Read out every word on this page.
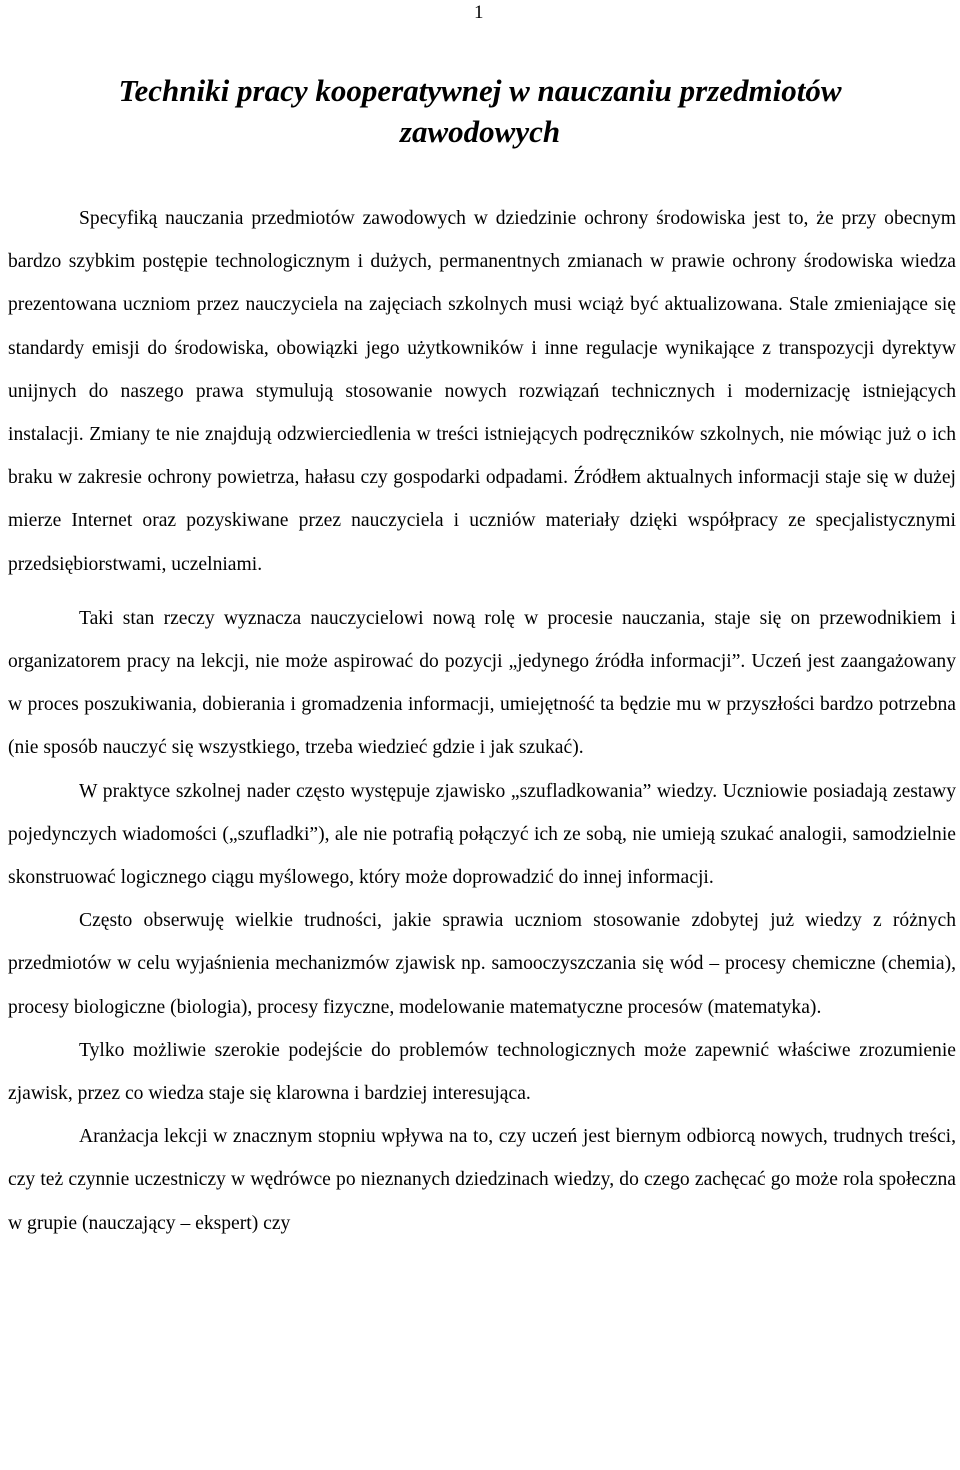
1
Techniki pracy kooperatywnej w nauczaniu przedmiotów zawodowych

Specyfiką nauczania przedmiotów zawodowych w dziedzinie ochrony środowiska jest to, że przy obecnym bardzo szybkim postępie technologicznym i dużych, permanentnych zmianach w prawie ochrony środowiska wiedza prezentowana uczniom przez nauczyciela na zajęciach szkolnych musi wciąż być aktualizowana. Stale zmieniające się standardy emisji do środowiska, obowiązki jego użytkowników i inne regulacje wynikające z transpozycji dyrektyw unijnych do naszego prawa stymulują stosowanie nowych rozwiązań technicznych i modernizację istniejących instalacji. Zmiany te nie znajdują odzwierciedlenia w treści istniejących podręczników szkolnych, nie mówiąc już o ich braku w zakresie ochrony powietrza, hałasu czy gospodarki odpadami. Źródłem aktualnych informacji staje się w dużej mierze Internet oraz pozyskiwane przez nauczyciela i uczniów materiały dzięki współpracy ze specjalistycznymi przedsiębiorstwami, uczelniami.

Taki stan rzeczy wyznacza nauczycielowi nową rolę w procesie nauczania, staje się on przewodnikiem i organizatorem pracy na lekcji, nie może aspirować do pozycji „jedynego źródła informacji”. Uczeń jest zaangażowany w proces poszukiwania, dobierania i gromadzenia informacji, umiejętność ta będzie mu w przyszłości bardzo potrzebna (nie sposób nauczyć się wszystkiego, trzeba wiedzieć gdzie i jak szukać).

W praktyce szkolnej nader często występuje zjawisko „szufladkowania” wiedzy. Uczniowie posiadają zestawy pojedynczych wiadomości („szufladki”), ale nie potrafią połączyć ich ze sobą, nie umieją szukać analogii, samodzielnie skonstruować logicznego ciągu myślowego, który może doprowadzić do innej informacji.

Często obserwuję wielkie trudności, jakie sprawia uczniom stosowanie zdobytej już wiedzy z różnych przedmiotów w celu wyjaśnienia mechanizmów zjawisk np. samooczyszczania się wód – procesy chemiczne (chemia), procesy biologiczne (biologia), procesy fizyczne, modelowanie matematyczne procesów (matematyka).

Tylko możliwie szerokie podejście do problemów technologicznych może zapewnić właściwe zrozumienie zjawisk, przez co wiedza staje się klarowna i bardziej interesująca.

Aranżacja lekcji w znacznym stopniu wpływa na to, czy uczeń jest biernym odbiorcą nowych, trudnych treści, czy też czynnie uczestniczy w wędrówce po nieznanych dziedzinach wiedzy, do czego zachęcać go może rola społeczna w grupie (nauczający – ekspert) czy
